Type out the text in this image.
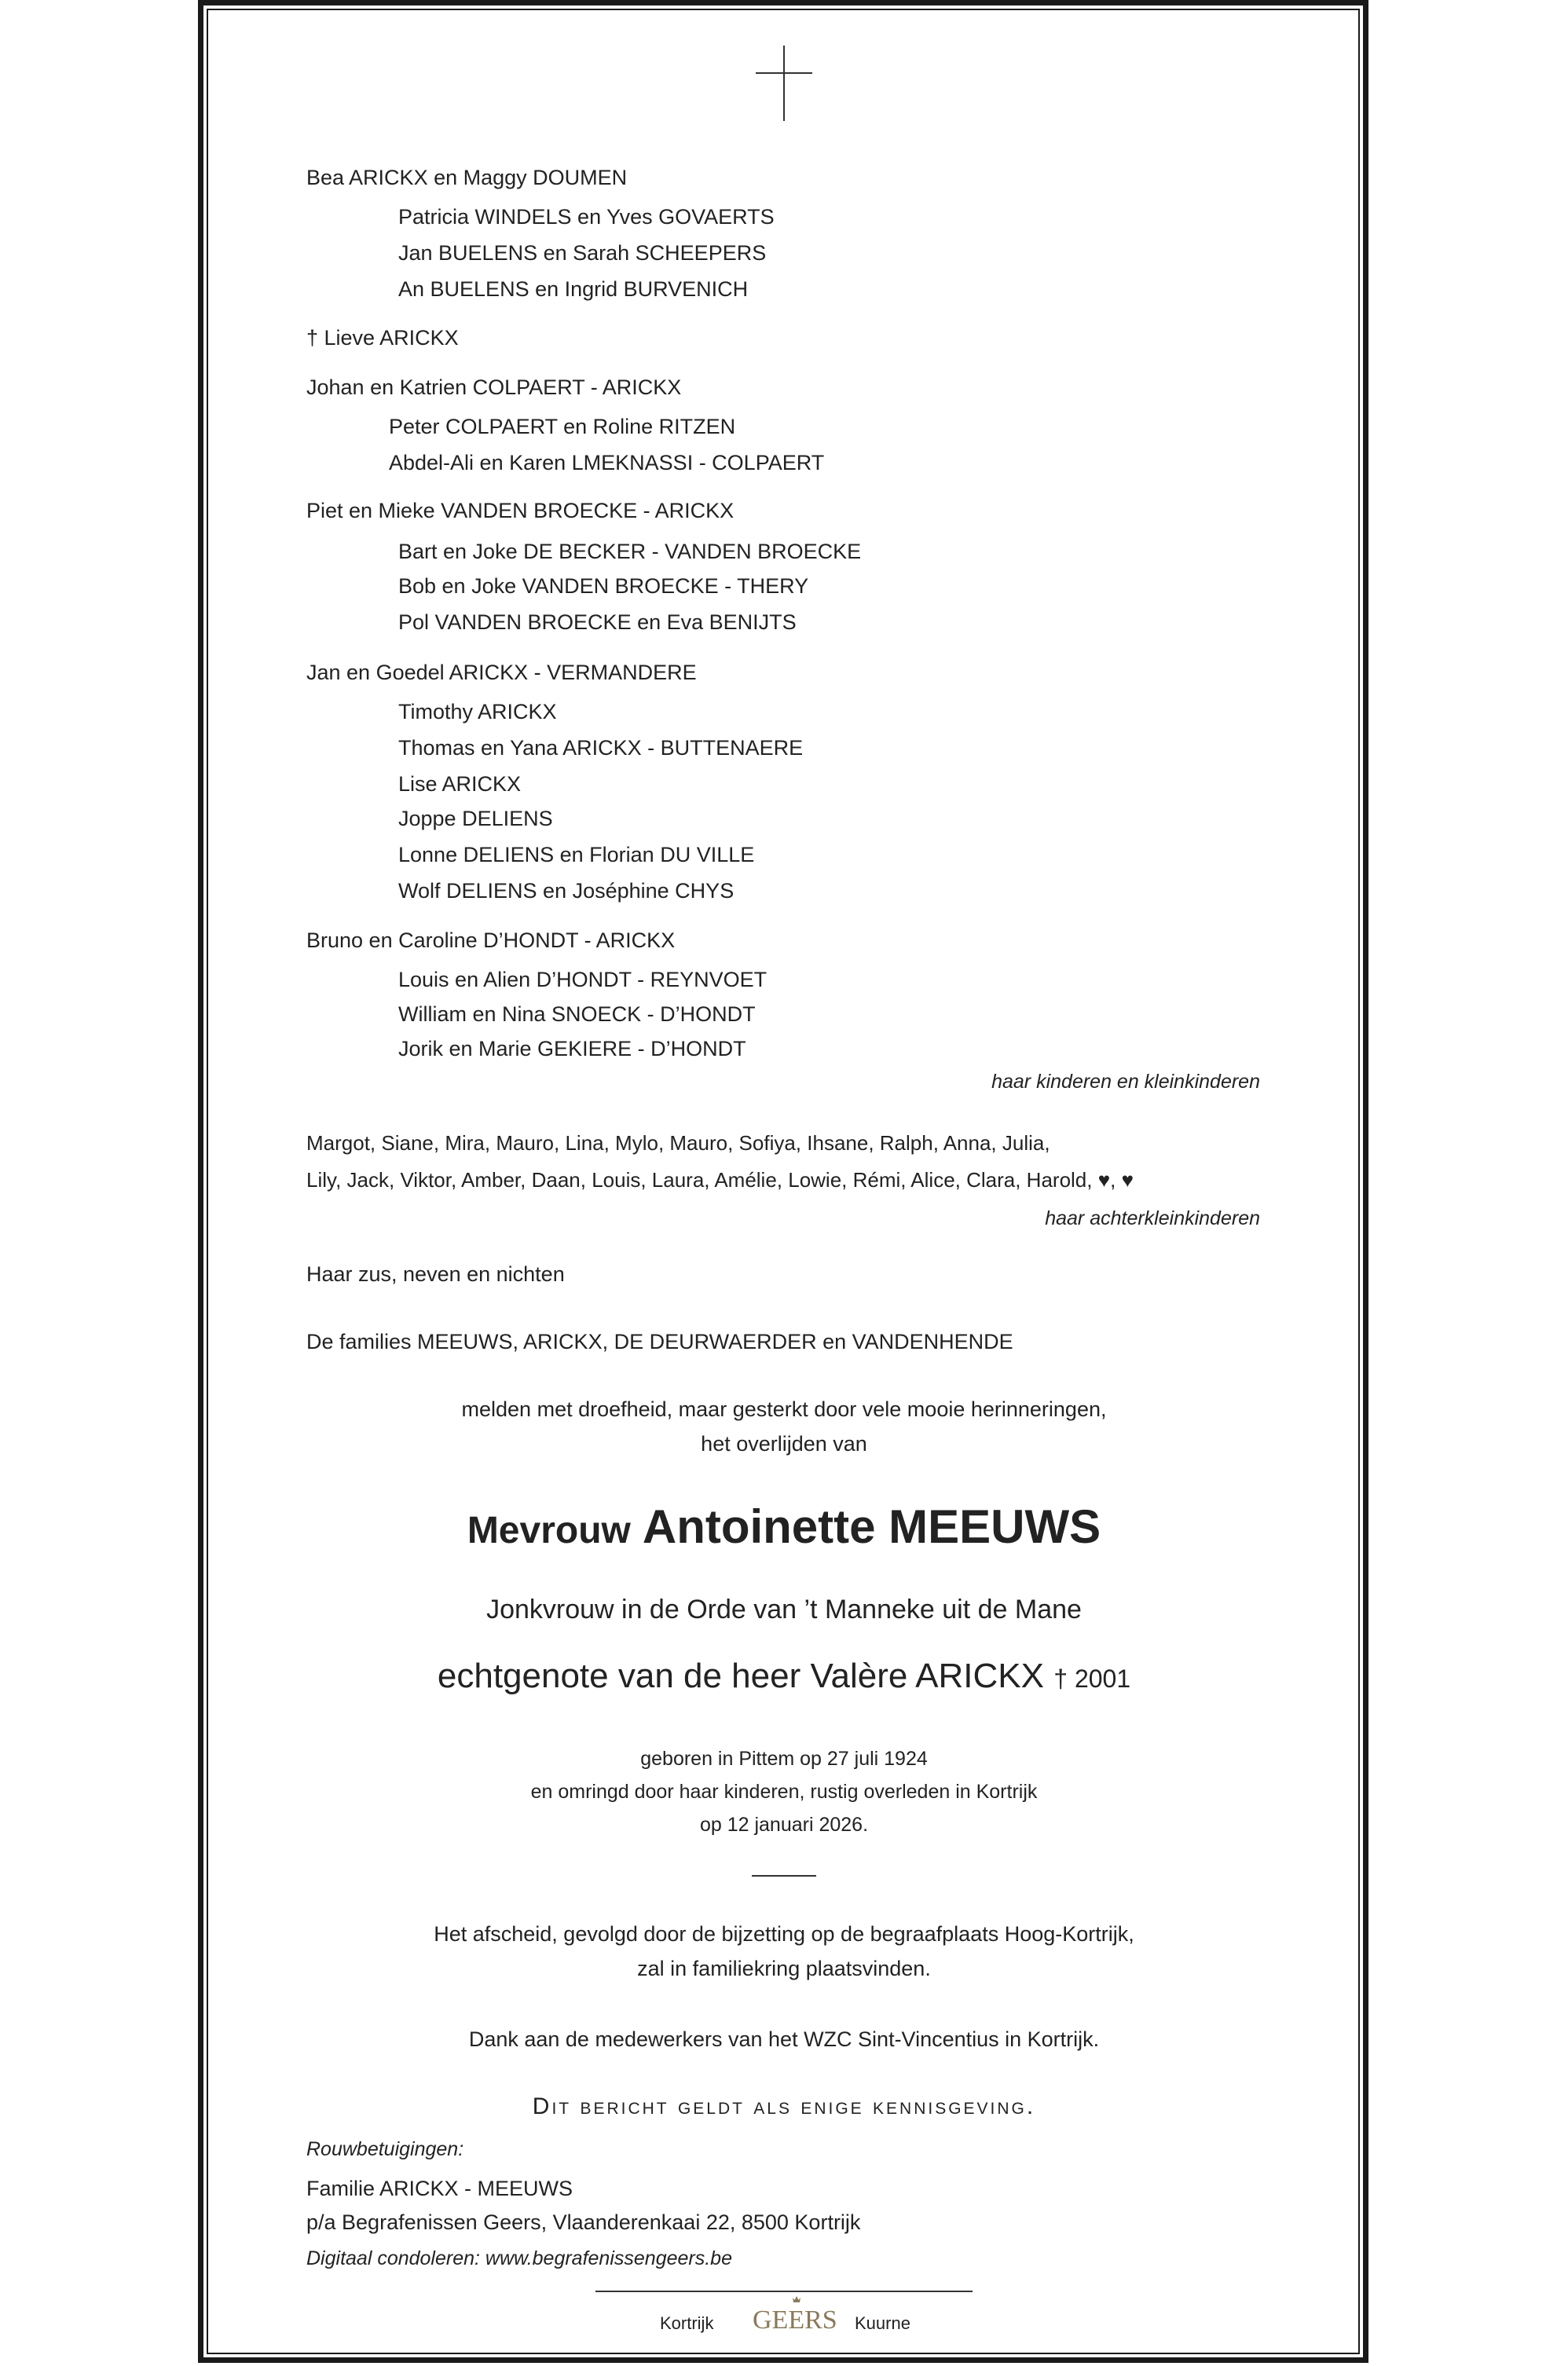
Bea ARICKX en Maggy DOUMEN
Patricia WINDELS en Yves GOVAERTS
Jan BUELENS en Sarah SCHEEPERS
An BUELENS en Ingrid BURVENICH
† Lieve ARICKX
Johan en Katrien COLPAERT - ARICKX
Peter COLPAERT en Roline RITZEN
Abdel-Ali en Karen LMEKNASSI - COLPAERT
Piet en Mieke VANDEN BROECKE - ARICKX
Bart en Joke DE BECKER - VANDEN BROECKE
Bob en Joke VANDEN BROECKE - THERY
Pol VANDEN BROECKE en Eva BENIJTS
Jan en Goedel ARICKX - VERMANDERE
Timothy ARICKX
Thomas en Yana ARICKX - BUTTENAERE
Lise ARICKX
Joppe DELIENS
Lonne DELIENS en Florian DU VILLE
Wolf DELIENS en Joséphine CHYS
Bruno en Caroline D’HONDT - ARICKX
Louis en Alien D’HONDT - REYNVOET
William en Nina SNOECK - D’HONDT
Jorik en Marie GEKIERE - D’HONDT
haar kinderen en kleinkinderen
Margot, Siane, Mira, Mauro, Lina, Mylo, Mauro, Sofiya, Ihsane, Ralph, Anna, Julia,
Lily, Jack, Viktor, Amber, Daan, Louis, Laura, Amélie, Lowie, Rémi, Alice, Clara, Harold, ♥, ♥
haar achterkleinkinderen
Haar zus, neven en nichten
De families MEEUWS, ARICKX, DE DEURWAERDER en VANDENHENDE
melden met droefheid, maar gesterkt door vele mooie herinneringen,
het overlijden van
Mevrouw Antoinette MEEUWS
Jonkvrouw in de Orde van ’t Manneke uit de Mane
echtgenote van de heer Valère ARICKX † 2001
geboren in Pittem op 27 juli 1924
en omringd door haar kinderen, rustig overleden in Kortrijk
op 12 januari 2026.
Het afscheid, gevolgd door de bijzetting op de begraafplaats Hoog-Kortrijk,
zal in familiekring plaatsvinden.
Dank aan de medewerkers van het WZC Sint-Vincentius in Kortrijk.
Dit bericht geldt als enige kennisgeving.
Rouwbetuigingen:
Familie ARICKX - MEEUWS
p/a Begrafenissen Geers, Vlaanderenkaai 22, 8500 Kortrijk
Digitaal condoleren: www.begrafenissengeers.be
Kortrijk GEERS Kuurne
